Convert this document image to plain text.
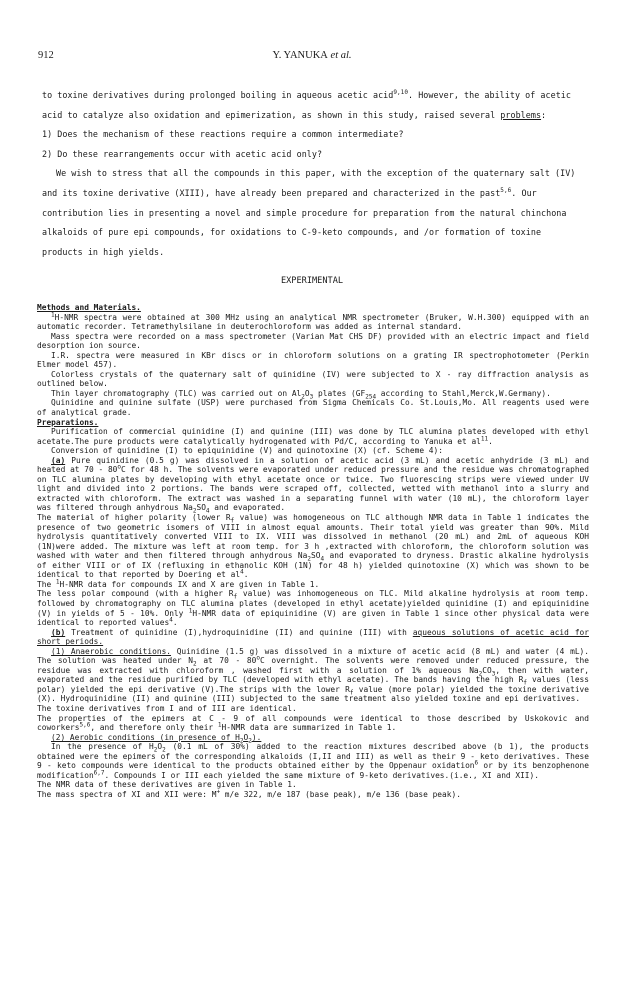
912	Y. YANUKA et al.

to toxine derivatives during prolonged boiling in aqueous acetic acid$^{9,10}$. However, the ability of acetic acid to catalyze also oxidation and epimerization, as shown in this study, raised several problems:

1) Does the mechanism of these reactions require a common intermediate?

2) Do these rearrangements occur with acetic acid only?

We wish to stress that all the compounds in this paper, with the exception of the quaternary salt (IV) and its toxine derivative (XIII), have already been prepared and characterized in the past$^{5,6}$. Our contribution lies in presenting a novel and simple procedure for preparation from the natural chinchona alkaloids of pure epi compounds, for oxidations to C-9-keto compounds, and /or formation of toxine products in high yields.

EXPERIMENTAL

Methods and Materials.

$^1$H-NMR spectra were obtained at 300 MHz using an analytical NMR spectrometer (Bruker, W.H.300) equipped with an automatic recorder. Tetramethylsilane in deuterochloroform was added as internal standard.

Mass spectra were recorded on a mass spectrometer (Varian Mat CHS DF) provided with an electric impact and field desorption ion source.

I.R. spectra were measured in KBr discs or in chloroform solutions on a grating IR spectrophotometer (Perkin Elmer model 457).

Colorless crystals of the quaternary salt of quinidine (IV) were subjected to X - ray diffraction analysis as outlined below.

Thin layer chromatography (TLC) was carried out on $Al_2O_3$ plates ($GF_{254}$ according to Stahl,Merck,W.Germany).

Quinidine and quinine sulfate (USP) were purchased from Sigma Chemicals Co. St.Louis,Mo. All reagents used were of analytical grade.

Preparations.

Purification of commercial quinidine (I) and quinine (III) was done by TLC alumina plates developed with ethyl acetate.The pure products were catalytically hydrogenated with Pd/C, according to Yanuka et $al^{11}$.

Conversion of quinidine (I) to epiquinidine (V) and quinotoxine (X) (cf. Scheme 4):

(a) Pure quinidine (0.5 g) was dissolved in a solution of acetic acid (3 mL) and acetic anhydride (3 mL) and heated at 70 - 80$^o$C for 48 h. The solvents were evaporated under reduced pressure and the residue was chromatographed on TLC alumina plates by developing with ethyl acetate once or twice. Two fluorescing strips were viewed under UV light and divided into 2 portions. The bands were scraped off, collected, wetted with methanol into a slurry and extracted with chloroform. The extract was washed in a separating funnel with water (10 mL), the chloroform layer was filtered through anhydrous $Na_2SO_4$ and evaporated.

The material of higher polarity (lower $R_f$ value) was homogeneous on TLC although NMR data in Table 1 indicates the presence of two geometric isomers of VIII in almost equal amounts. Their total yield was greater than 90%. Mild hydrolysis quantitatively converted VIII to IX. VIII was dissolved in methanol (20 mL) and 2mL of aqueous KOH (1N)were added. The mixture was left at room temp. for 3 h ,extracted with chloroform, the chloroform solution was washed with water and then filtered through anhydrous $Na_2SO_4$ and evaporated to dryness. Drastic alkaline hydrolysis of either VIII or of IX (refluxing in ethanolic KOH (1N) for 48 h) yielded quinotoxine (X) which was shown to be identical to that reported by Doering et $al^4$.

The $^1$H-NMR data for compounds IX and X are given in Table 1.

The less polar compound (with a higher $R_f$ value) was inhomogeneous on TLC. Mild alkaline hydrolysis at room temp. followed by chromatography on TLC alumina plates (developed in ethyl acetate)yielded quinidine (I) and epiquinidine (V) in yields of 5 - 10%. Only $^1$H-NMR data of epiquinidine (V) are given in Table 1 since other physical data were identical to reported values$^4$.

(b) Treatment of quinidine (I),hydroquinidine (II) and quinine (III) with aqueous solutions of acetic acid for short periods.

(1) Anaerobic conditions. Quinidine (1.5 g) was dissolved in a mixture of acetic acid (8 mL) and water (4 mL). The solution was heated under $N_2$ at 70 - 80$^o$C overnight. The solvents were removed under reduced pressure, the residue was extracted with chloroform , washed first with a solution of 1% aqueous $Na_2CO_3$, then with water, evaporated and the residue purified by TLC (developed with ethyl acetate). The bands having the high $R_f$ values (less polar) yielded the epi derivative (V).The strips with the lower $R_f$ value (more polar) yielded the toxine derivative (X). Hydroquinidine (II) and quinine (III) subjected to the same treatment also yielded toxine and epi derivatives.

The toxine derivatives from I and of III are identical.

The properties of the epimers at C - 9 of all compounds were identical to those described by Uskokovic and coworkers$^{5,6}$, and therefore only their $^1$H-NMR data are summarized in Table 1.

(2) Aerobic conditions (in presence of $H_2O_2$).

In the presence of $H_2O_2$ (0.1 mL of 30%) added to the reaction mixtures described above (b 1), the products obtained were the epimers of the corresponding alkaloids (I,II and III) as well as their 9 - keto derivatives. These 9 - keto compounds were identical to the products obtained either by the Oppenaur oxidation$^6$ or by its benzophenone modification$^{6,7}$. Compounds I or III each yielded the same mixture of 9-keto derivatives.(i.e., XI and XII).

The NMR data of these derivatives are given in Table 1.

The mass spectra of XI and XII were: M+ m/e 322, m/e 187 (base peak), m/e 136 (base peak).
